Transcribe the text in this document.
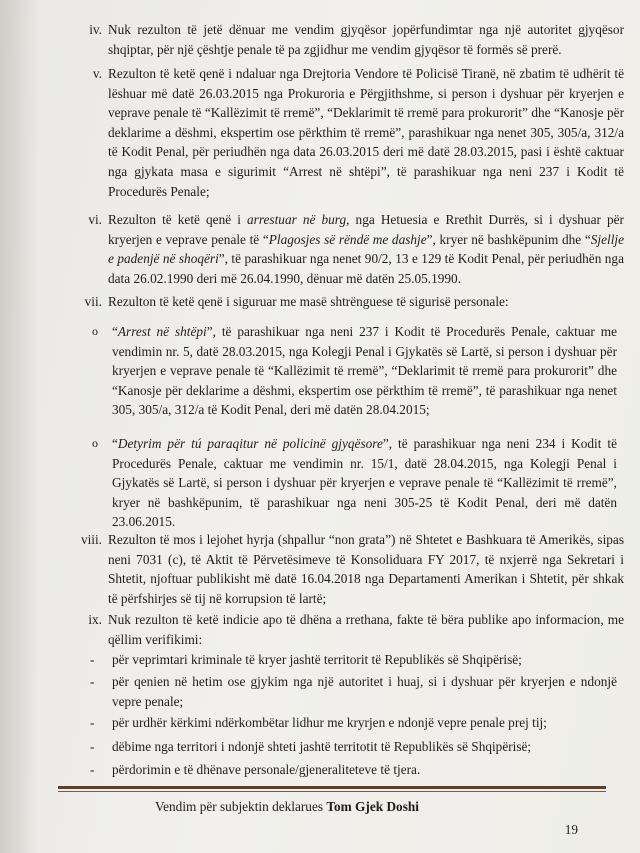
iv. Nuk rezulton të jetë dënuar me vendim gjyqësor jopërfundimtar nga një autoritet gjyqësor shqiptar, për një çështje penale të pa zgjidhur me vendim gjyqësor të formës së prerë.
v. Rezulton të ketë qenë i ndaluar nga Drejtoria Vendore të Policisë Tiranë, në zbatim të udhërit të lëshuar më datë 26.03.2015 nga Prokuroria e Përgjithshme, si person i dyshuar për kryerjen e veprave penale të “Kallëzimit të rremë”, “Deklarimit të rremë para prokurorit” dhe “Kanosje për deklarime a dëshmi, ekspertim ose përkthim të rremë”, parashikuar nga nenet 305, 305/a, 312/a të Kodit Penal, për periudhën nga data 26.03.2015 deri më datë 28.03.2015, pasi i është caktuar nga gjykata masa e sigurimit “Arrest në shtëpi”, të parashikuar nga neni 237 i Kodit të Procedurës Penale;
vi. Rezulton të ketë qenë i arrestuar në burg, nga Hetuesia e Rrethit Durrës, si i dyshuar për kryerjen e veprave penale të “Plagosjes së rëndë me dashje”, kryer në bashkëpunim dhe “Sjellje e padenjë në shoqëri”, të parashikuar nga nenet 90/2, 13 e 129 të Kodit Penal, për periudhën nga data 26.02.1990 deri më 26.04.1990, dënuar më datën 25.05.1990.
vii. Rezulton të ketë qenë i siguruar me masë shtrënguese të sigurisë personale:
o “Arrest në shtëpi”, të parashikuar nga neni 237 i Kodit të Procedurës Penale, caktuar me vendimin nr. 5, datë 28.03.2015, nga Kolegji Penal i Gjykatës së Lartë, si person i dyshuar për kryerjen e veprave penale të “Kallëzimit të rremë”, “Deklarimit të rremë para prokurorit” dhe “Kanosje për deklarime a dëshmi, ekspertim ose përkthim të rremë”, të parashikuar nga nenet 305, 305/a, 312/a të Kodit Penal, deri më datën 28.04.2015;
o “Detyrim për tú paraqitur në policinë gjyqësore”, të parashikuar nga neni 234 i Kodit të Procedurës Penale, caktuar me vendimin nr. 15/1, datë 28.04.2015, nga Kolegji Penal i Gjykatës së Lartë, si person i dyshuar për kryerjen e veprave penale të “Kallëzimit të rremë”, kryer në bashkëpunim, të parashikuar nga neni 305-25 të Kodit Penal, deri më datën 23.06.2015.
viii. Rezulton të mos i lejohet hyrja (shpallur “non grata”) në Shtetet e Bashkuara të Amerikës, sipas neni 7031 (c), të Aktit të Përvetësimeve të Konsoliduara FY 2017, të nxjerrë nga Sekretari i Shtetit, njoftuar publikisht më datë 16.04.2018 nga Departamenti Amerikan i Shtetit, për shkak të përfshirjes së tij në korrupsion të lartë;
ix. Nuk rezulton të ketë indicie apo të dhëna a rrethana, fakte të bëra publike apo informacion, me qëllim verifikimi:
- për veprimtari kriminale të kryer jashtë territorit të Republikës së Shqipërisë;
- për qenien në hetim ose gjykim nga një autoritet i huaj, si i dyshuar për kryerjen e ndonjë vepre penale;
- për urdhër kërkimi ndërkombëtar lidhur me kryrjen e ndonjë vepre penale prej tij;
- dëbime nga territori i ndonjë shteti jashtë territotit të Republikës së Shqipërisë;
- përdorimin e të dhënave personale/gjeneraliteteve të tjera.
Vendim për subjektin deklarues Tom Gjek Doshi
19
